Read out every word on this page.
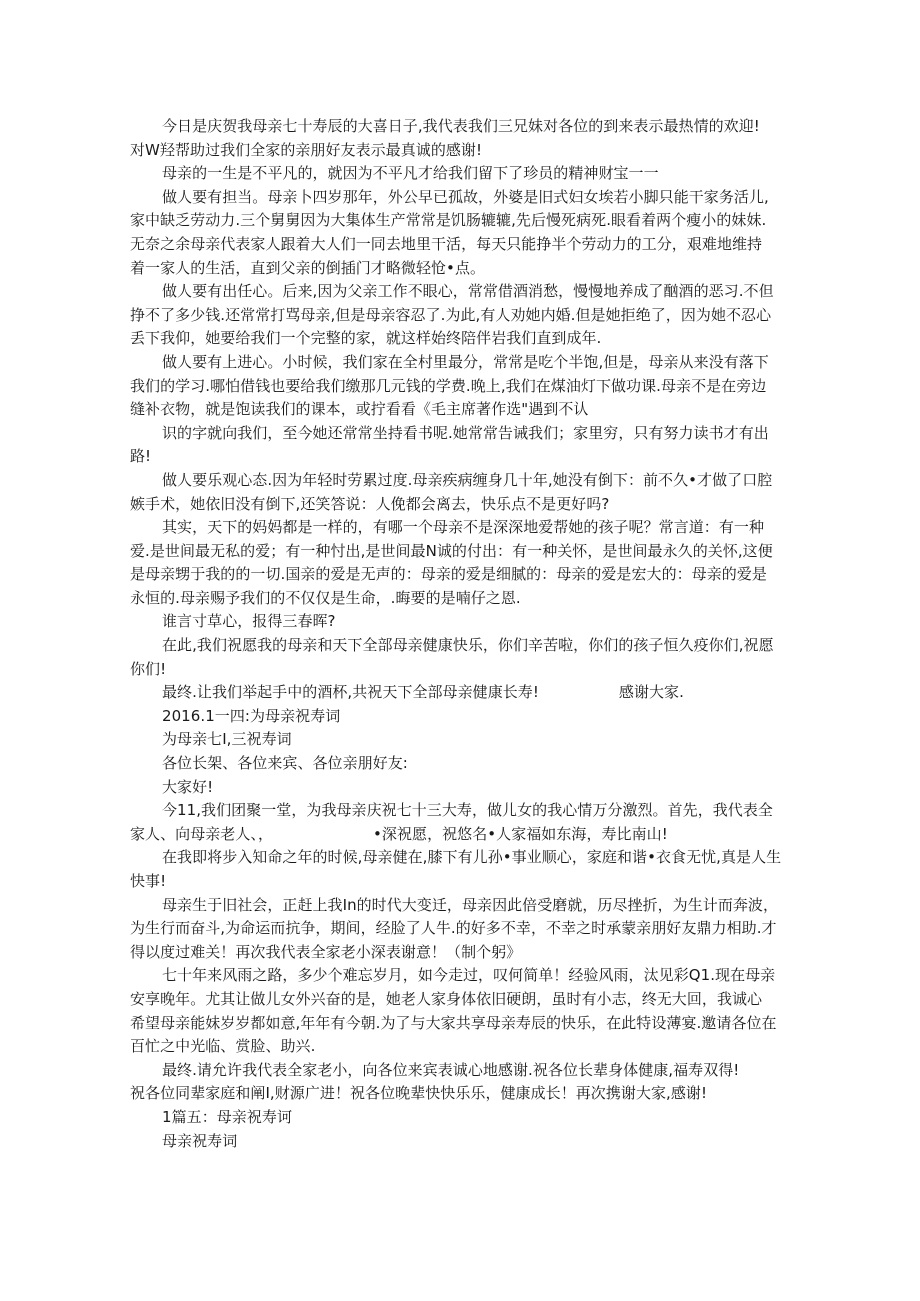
今日是庆贺我母亲七十寿辰的大喜日子,我代表我们三兄妹对各位的到来表示最热情的欢迎!
对W羟帮助过我们全家的亲朋好友表示最真诚的感谢!

母亲的一生是不平凡的，就因为不平凡才给我们留下了珍员的精神财宝一一

做人要有担当。母亲卜四岁那年，外公早已孤故，外婆是旧式妇女埃若小脚只能干家务活儿,
家中缺乏劳动力.三个舅舅因为大集体生产常常是饥肠辘辘,先后慢死病死.眼看着两个瘦小的妹妹.
无奈之余母亲代表家人跟着大人们一同去地里干活，每天只能挣半个劳动力的工分，艰难地维持
着一家人的生活，直到父亲的倒插门才略微轻怆•点。

做人要有出任心。后来,因为父亲工作不眼心，常常借酒消愁，慢慢地养成了酗酒的恶习.不但
挣不了多少钱.还常常打骂母亲,但是母亲容忍了.为此,有人劝她内婚.但是她拒绝了，因为她不忍心
丢下我仰，她要给我们一个完整的家，就这样始终陪伴岩我们直到成年.

做人要有上进心。小时候，我们家在全村里最分，常常是吃个半饱,但是，母亲从来没有落下
我们的学习.哪怕借钱也要给我们缴那几元钱的学费.晚上,我们在煤油灯下做功课.母亲不是在旁边
缝补衣物，就是饱读我们的课本，或拧看看《毛主席著作选"遇到不认

识的字就向我们，至今她还常常坐持看书呢.她常常告诫我们；家里穷，只有努力读书才有出
路!

做人要乐观心态.因为年轻时劳累过度.母亲疾病缠身几十年,她没有倒下：前不久•才做了口腔
嫉手术，她依旧没有倒下,还笑答说：人俛都会离去，快乐点不是更好吗?

其实，天下的妈妈都是一样的，有哪一个母亲不是深深地爱帮她的孩子呢？常言道：有一种
爱.是世间最无私的爱；有一种忖出,是世间最N诚的付出：有一种关怀，是世间最永久的关怀,这便
是母亲甥于我的的一切.国亲的爱是无声的：母亲的爱是细腻的：母亲的爱是宏大的：母亲的爱是
永恒的.母亲赐予我们的不仅仅是生命，.晦要的是喃仔之恩.

谁言寸草心，报得三春晖?

在此,我们祝愿我的母亲和天下全部母亲健康快乐，你们辛苦啦，你们的孩子恒久疫你们,祝愿
你们!

最终.让我们举起手中的酒杯,共祝天下全部母亲健康长寿!	感谢大家.

2016.1一四:为母亲祝寿词

为母亲七I,三祝寿词

各位长架、各位来宾、各位亲朋好友:

大家好!

今11,我们团聚一堂，为我母亲庆祝七十三大寿，做儿女的我心情万分激烈。首先，我代表全
家人、向母亲老人、，	•深祝愿，祝悠名•人家福如东海，寿比南山!

在我即将步入知命之年的时候,母亲健在,膝下有儿孙•事业顺心，家庭和谐•衣食无忧,真是人生
快事!

母亲生于旧社会，正赶上我In的时代大变迁，母亲因此倍受磨就，历尽挫折，为生计而奔波，
为生行而奋斗,为命运而抗争，期间，经脸了人牛.的好多不幸，不幸之时承蒙亲朋好友鼎力相助.才
得以度过难关！再次我代表全家老小深表谢意！（制个躬》

七十年来风雨之路，多少个难忘岁月，如今走过，叹何简单！经验风雨，汰见彩Q1.现在母亲
安享晚年。尤其让做儿女外兴奋的是，她老人家身体依旧硬朗，虽时有小志，终无大回，我诚心
希望母亲能妹岁岁都如意,年年有今朝.为了与大家共享母亲寿辰的快乐，在此特设薄宴.邀请各位在
百忙之中光临、赏脸、助兴.

最终.请允许我代表全家老小，向各位来宾表诚心地感谢.祝各位长辈身体健康,福寿双得!
祝各位同辈家庭和阐I,财源广进！祝各位晚辈快快乐乐，健康成长！再次携谢大家,感谢!

1篇五：母亲祝寿诃

母亲祝寿词
